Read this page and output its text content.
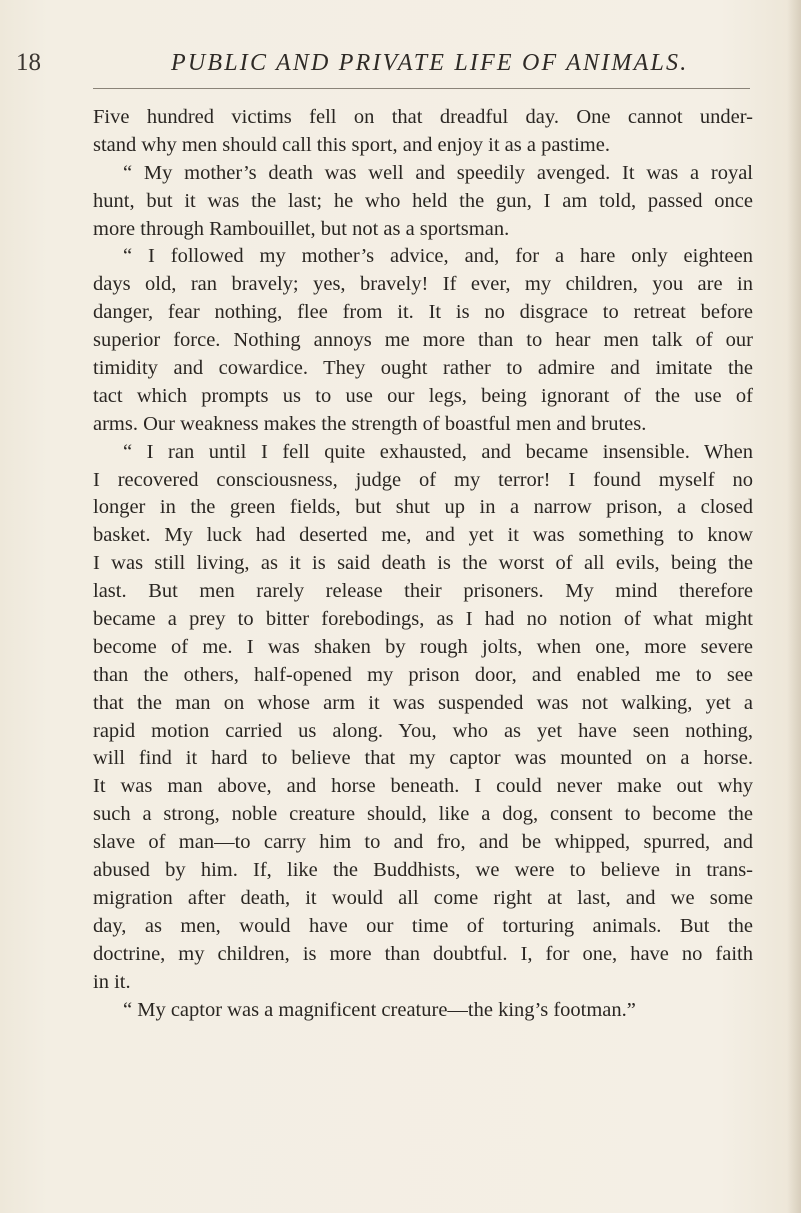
18	PUBLIC AND PRIVATE LIFE OF ANIMALS.
Five hundred victims fell on that dreadful day. One cannot under-
stand why men should call this sport, and enjoy it as a pastime.
“ My mother’s death was well and speedily avenged. It was a royal
hunt, but it was the last; he who held the gun, I am told, passed once
more through Rambouillet, but not as a sportsman.
“ I followed my mother’s advice, and, for a hare only eighteen
days old, ran bravely; yes, bravely! If ever, my children, you are in
danger, fear nothing, flee from it. It is no disgrace to retreat before
superior force. Nothing annoys me more than to hear men talk of our
timidity and cowardice. They ought rather to admire and imitate the
tact which prompts us to use our legs, being ignorant of the use of
arms. Our weakness makes the strength of boastful men and brutes.
“ I ran until I fell quite exhausted, and became insensible. When
I recovered consciousness, judge of my terror! I found myself no
longer in the green fields, but shut up in a narrow prison, a closed
basket. My luck had deserted me, and yet it was something to know
I was still living, as it is said death is the worst of all evils, being the
last. But men rarely release their prisoners. My mind therefore
became a prey to bitter forebodings, as I had no notion of what might
become of me. I was shaken by rough jolts, when one, more severe
than the others, half-opened my prison door, and enabled me to see
that the man on whose arm it was suspended was not walking, yet a
rapid motion carried us along. You, who as yet have seen nothing,
will find it hard to believe that my captor was mounted on a horse.
It was man above, and horse beneath. I could never make out why
such a strong, noble creature should, like a dog, consent to become the
slave of man—to carry him to and fro, and be whipped, spurred, and
abused by him. If, like the Buddhists, we were to believe in trans-
migration after death, it would all come right at last, and we some
day, as men, would have our time of torturing animals. But the
doctrine, my children, is more than doubtful. I, for one, have no faith
in it.
“ My captor was a magnificent creature—the king’s footman.”
